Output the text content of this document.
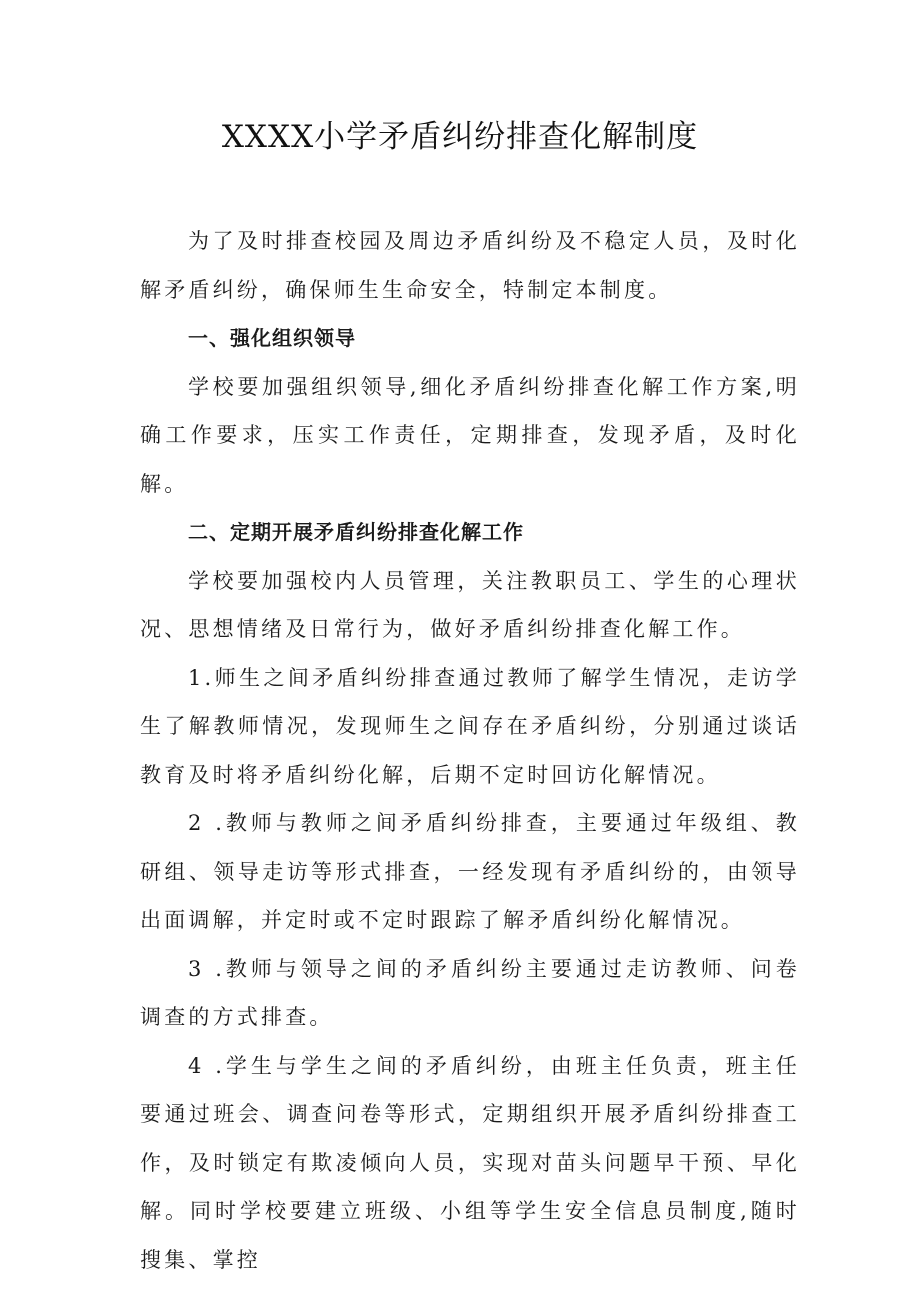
XXXX小学矛盾纠纷排查化解制度

为了及时排查校园及周边矛盾纠纷及不稳定人员，及时化解矛盾纠纷，确保师生生命安全，特制定本制度。

一、强化组织领导

学校要加强组织领导,细化矛盾纠纷排查化解工作方案,明确工作要求，压实工作责任，定期排查，发现矛盾，及时化解。

二、定期开展矛盾纠纷排查化解工作

学校要加强校内人员管理，关注教职员工、学生的心理状况、思想情绪及日常行为，做好矛盾纠纷排查化解工作。

1.师生之间矛盾纠纷排查通过教师了解学生情况，走访学生了解教师情况，发现师生之间存在矛盾纠纷，分别通过谈话教育及时将矛盾纠纷化解，后期不定时回访化解情况。

2 .教师与教师之间矛盾纠纷排查，主要通过年级组、教研组、领导走访等形式排查，一经发现有矛盾纠纷的，由领导出面调解，并定时或不定时跟踪了解矛盾纠纷化解情况。

3 .教师与领导之间的矛盾纠纷主要通过走访教师、问卷调查的方式排查。

4 .学生与学生之间的矛盾纠纷，由班主任负责，班主任要通过班会、调查问卷等形式，定期组织开展矛盾纠纷排查工作，及时锁定有欺凌倾向人员，实现对苗头问题早干预、早化解。同时学校要建立班级、小组等学生安全信息员制度,随时搜集、掌控
